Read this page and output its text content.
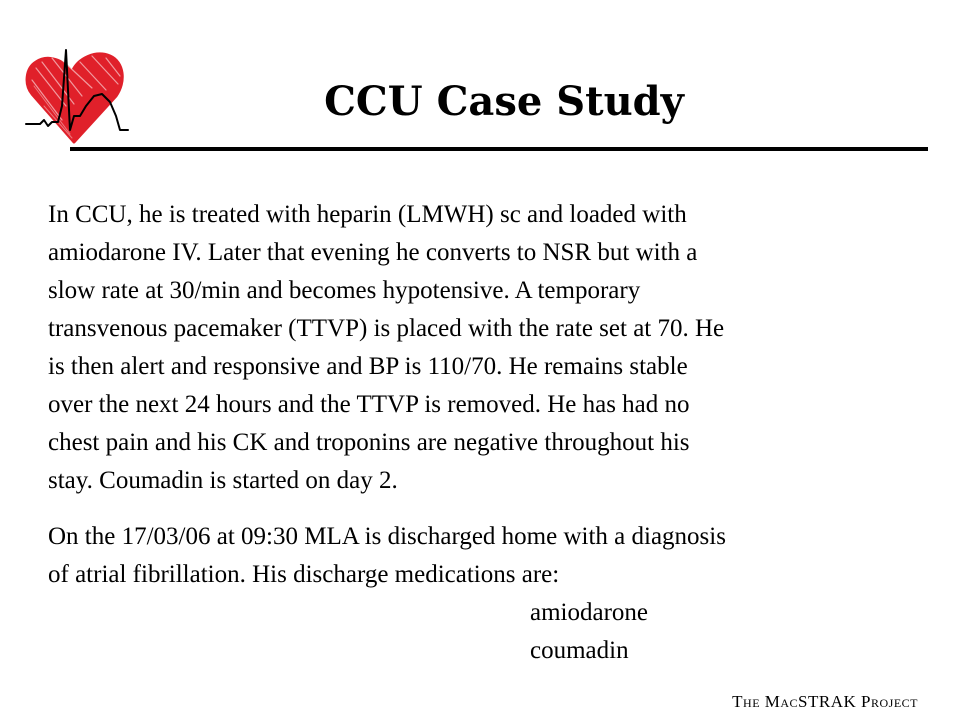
CCU Case Study

In CCU, he is treated with heparin (LMWH) sc and loaded with
amiodarone IV. Later that evening he converts to NSR but with a
slow rate at 30/min and becomes hypotensive. A temporary
transvenous pacemaker (TTVP) is placed with the rate set at 70. He
is then alert and responsive and BP is 110/70. He remains stable
over the next 24 hours and the TTVP is removed. He has had no
chest pain and his CK and troponins are negative throughout his
stay. Coumadin is started on day 2.

On the 17/03/06 at 09:30 MLA is discharged home with a diagnosis
of atrial fibrillation. His discharge medications are:

amiodarone
coumadin
The MacSTRAK Project
